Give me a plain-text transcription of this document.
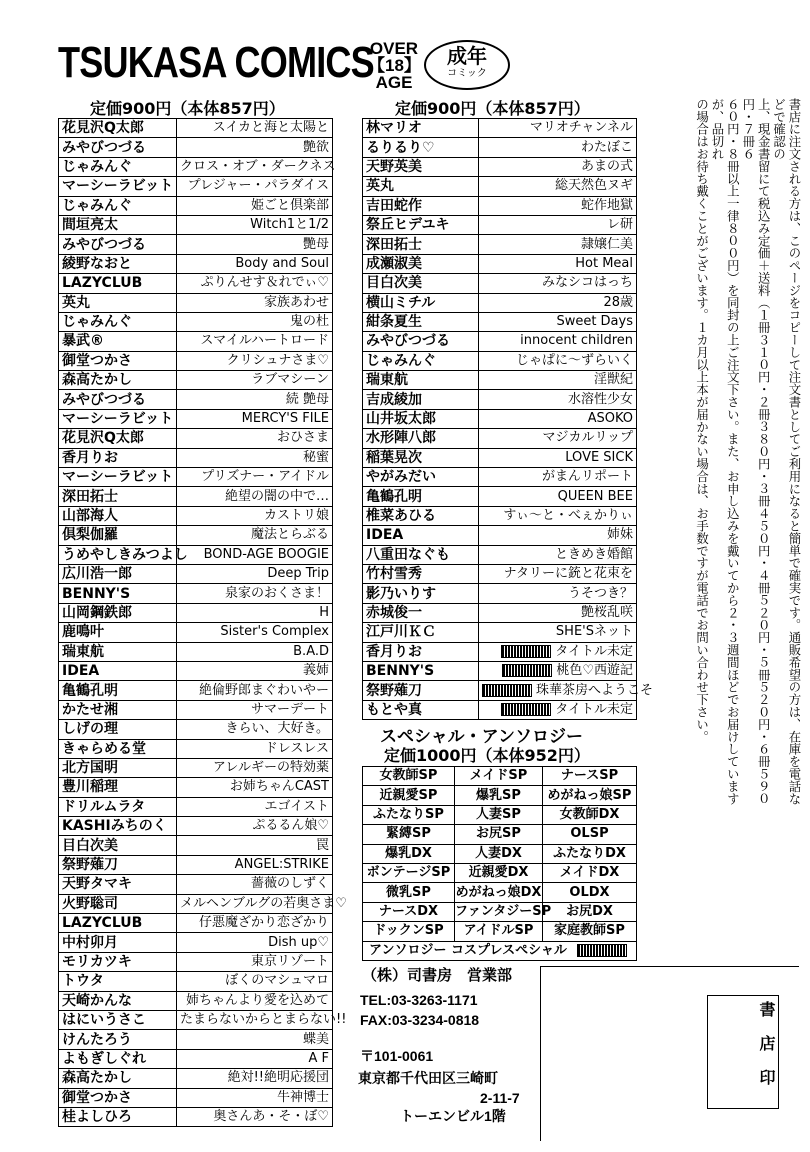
TSUKASA COMICS
OVER
【18】
AGE
成年
コミック
定価900円（本体857円）
花見沢Q太郎	スイカと海と太陽と
みやびつづる	艶欲
じゃみんぐ	クロス・オブ・ダークネス
マーシーラビット	プレジャー・パラダイス
じゃみんぐ	姫ごと倶楽部
間垣亮太	Witch1と1/2
みやびつづる	艷母
綾野なおと	Body and Soul
LAZYCLUB	ぷりんせす＆れでぃ♡
英丸	家族あわせ
じゃみんぐ	鬼の杜
暴武®	スマイルハートロード
御堂つかさ	クリシュナさま♡
森高たかし	ラブマシーン
みやびつづる	続 艶母
マーシーラビット	MERCY'S FILE
花見沢Q太郎	おひさま
香月りお	秘蜜
マーシーラビット	プリズナー・アイドル
深田拓士	絶望の闇の中で…
山部海人	カストリ娘
倶梨伽羅	魔法とらぶる
うめやしきみつよし	BOND-AGE BOOGIE
広川浩一郎	Deep Trip
BENNY'S	泉家のおくさま！
山岡鋼鉄郎	H
鹿鳴叶	Sister's Complex
瑞東航	B.A.D
IDEA	義姉
亀鶴孔明	絶倫野郎まぐわいやー
かたせ湘	サマーデート
しげの理	きらい、大好き。
きゃらめる堂	ドレスレス
北方国明	アレルギーの特効薬
豊川稲理	お姉ちゃんCAST
ドリルムラタ	エゴイスト
KASHIみちのく	ぷるるん娘♡
目白次美	罠
祭野薙刀	ANGEL:STRIKE
天野タマキ	薔薇のしずく
火野聡司	メルヘンブルグの若奥さま♡
LAZYCLUB	仔悪魔ざかり恋ざかり
中村卯月	Dish up♡
モリカツキ	東京リゾート
トウタ	ぼくのマシュマロ
天崎かんな	姉ちゃんより愛を込めて
はにいうさこ	たまらないからとまらない!!
けんたろう	蝶美
よもぎしぐれ	A F
森高たかし	絶対!!絶明応援団
御堂つかさ	牛神博士
桂よしひろ	奥さんあ・そ・ぼ♡
定価900円（本体857円）
林マリオ	マリオチャンネル
るりるり♡	わたぼこ
天野英美	あまの式
英丸	総天然色ヌギ
吉田蛇作	蛇作地獄
祭丘ヒデユキ	レ研
深田拓士	隷嬢仁美
成瀬淑美	Hot Meal
目白次美	みなシコはっち
横山ミチル	28歳
紺条夏生	Sweet Days
みやびつづる	innocent children
じゃみんぐ	じゃぱに〜ずらいく
瑞東航	淫獣紀
吉成綾加	水溶性少女
山井坂太郎	ASOKO
水形陣八郎	マジカルリップ
稲葉晃次	LOVE SICK
やがみだい	がまんリポート
亀鶴孔明	QUEEN BEE
椎菜あひる	すぃ〜と・べぇかりぃ
IDEA	姉妹
八重田なぐも	ときめき婚館
竹村雪秀	ナタリーに銃と花束を
影乃いりす	うそつき？
赤城俊一	艶桜乱咲
江戸川ＫＣ	SHE'Sネット
香月りお	タイトル未定
BENNY'S	桃色♡西遊記
祭野薙刀	珠華茶房へようこそ
もとや真	タイトル未定
スペシャル・アンソロジー
定価1000円（本体952円）
女教師SP	メイドSP	ナースSP
近親愛SP	爆乳SP	めがねっ娘SP
ふたなりSP	人妻SP	女教師DX
緊縛SP	お尻SP	OLSP
爆乳DX	人妻DX	ふたなりDX
ボンテージSP	近親愛DX	メイドDX
微乳SP	めがねっ娘DX	OLDX
ナースDX	ファンタジーSP	お尻DX
ドックンSP	アイドルSP	家庭教師SP
アンソロジー コスプレスペシャル		

書店に注文される方は、このページをコピーして注文書としてご利用になると簡単で確実です。通販希望の方は、在庫を電話などで確認の

上、現金書留にて税込み定価＋送料（１冊３１０円・２冊３８０円・３冊４５０円・４冊５２０円・５冊５２０円・６冊５９０円・７冊６

６０円・８冊以上一律８００円）を同封の上ご注文下さい。また、お申し込みを戴いてから２・３週間ほどでお届けしていますが、品切れ

の場合はお待ち戴くことがございます。１カ月以上本が届かない場合は、お手数ですが電話でお問い合わせ下さい。

（株）司書房　営業部
TEL:03-3263-1171
FAX:03-3234-0818
〒101-0061
東京都千代田区三崎町
2-11-7
トーエンビル1階
書店印
